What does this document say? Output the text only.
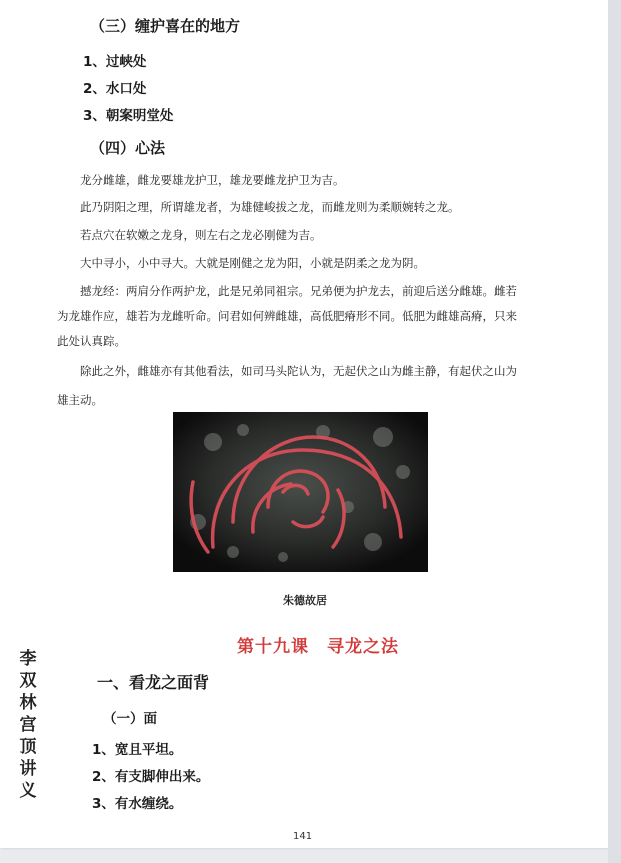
（三）缠护喜在的地方
1、过峡处
2、水口处
3、朝案明堂处
（四）心法
龙分雌雄，雌龙要雄龙护卫，雄龙要雌龙护卫为吉。
此乃阴阳之理，所谓雄龙者，为雄健峻拔之龙，而雌龙则为柔顺婉转之龙。
若点穴在软嫩之龙身，则左右之龙必刚健为吉。
大中寻小，小中寻大。大就是刚健之龙为阳，小就是阴柔之龙为阴。
撼龙经：两肩分作两护龙，此是兄弟同祖宗。兄弟便为护龙去，前迎后送分雌雄。雌若
为龙雄作应，雄若为龙雌听命。问君如何辨雌雄，高低肥瘠形不同。低肥为雌雄高瘠，只来
此处认真踪。
除此之外，雌雄亦有其他看法，如司马头陀认为，无起伏之山为雌主静，有起伏之山为
雄主动。
朱德故居
第十九课　寻龙之法
李双林宫顶讲义
一、看龙之面背
（一）面
1、宽且平坦。
2、有支脚伸出来。
3、有水缠绕。
141
